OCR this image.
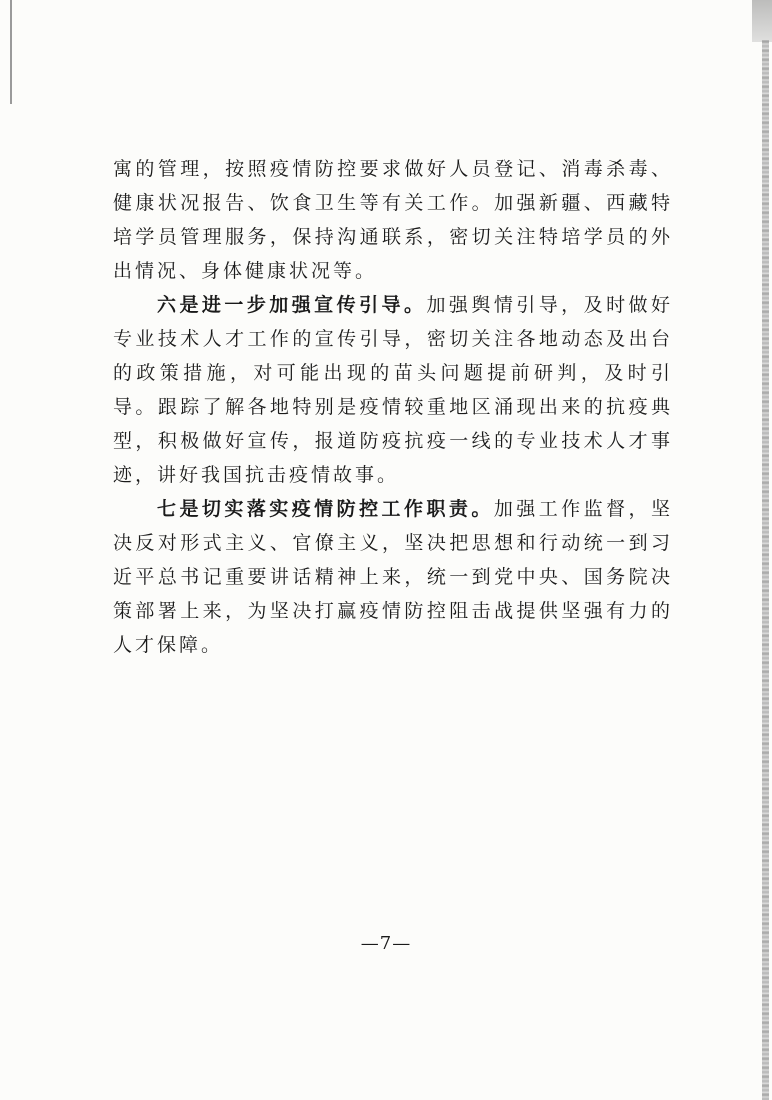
寓的管理，按照疫情防控要求做好人员登记、消毒杀毒、健康状况报告、饮食卫生等有关工作。加强新疆、西藏特培学员管理服务，保持沟通联系，密切关注特培学员的外出情况、身体健康状况等。

六是进一步加强宣传引导。加强舆情引导，及时做好专业技术人才工作的宣传引导，密切关注各地动态及出台的政策措施，对可能出现的苗头问题提前研判，及时引导。跟踪了解各地特别是疫情较重地区涌现出来的抗疫典型，积极做好宣传，报道防疫抗疫一线的专业技术人才事迹，讲好我国抗击疫情故事。

七是切实落实疫情防控工作职责。加强工作监督，坚决反对形式主义、官僚主义，坚决把思想和行动统一到习近平总书记重要讲话精神上来，统一到党中央、国务院决策部署上来，为坚决打赢疫情防控阻击战提供坚强有力的人才保障。

—7—
